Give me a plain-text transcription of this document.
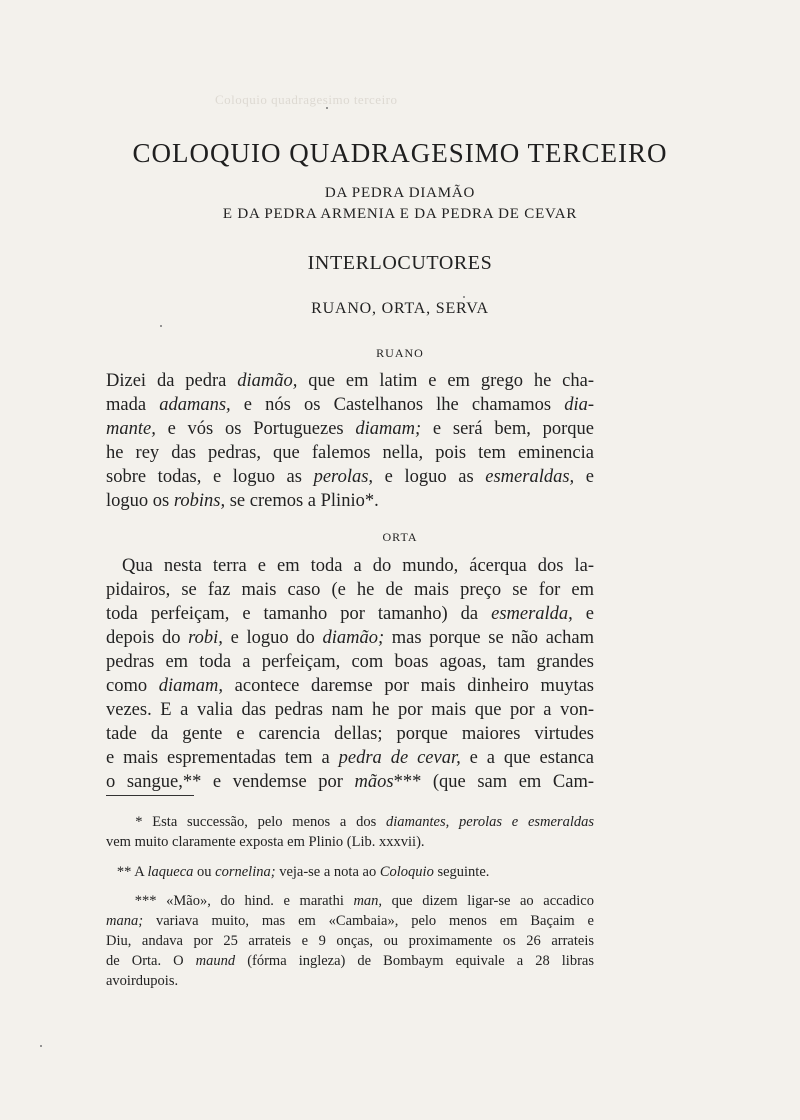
Coloquio quadragesimo terceiro
COLOQUIO QUADRAGESIMO TERCEIRO
DA PEDRA DIAMÃO
E DA PEDRA ARMENIA E DA PEDRA DE CEVAR
INTERLOCUTORES
RUANO, ORTA, SERVA
RUANO
Dizei da pedra diamão, que em latim e em grego he cha-
mada adamans, e nós os Castelhanos lhe chamamos dia-
mante, e vós os Portuguezes diamam; e será bem, porque
he rey das pedras, que falemos nella, pois tem eminencia
sobre todas, e loguo as perolas, e loguo as esmeraldas, e
loguo os robins, se cremos a Plinio*.
ORTA
Qua nesta terra e em toda a do mundo, ácerqua dos la-
pidairos, se faz mais caso (e he de mais preço se for em
toda perfeiçam, e tamanho por tamanho) da esmeralda, e
depois do robi, e loguo do diamão; mas porque se não acham
pedras em toda a perfeiçam, com boas agoas, tam grandes
como diamam, acontece daremse por mais dinheiro muytas
vezes. E a valia das pedras nam he por mais que por a von-
tade da gente e carencia dellas; porque maiores virtudes
e mais esprementadas tem a pedra de cevar, e a que estanca
o sangue,** e vendemse por mãos*** (que sam em Cam-
* Esta successão, pelo menos a dos diamantes, perolas e esmeraldas
vem muito claramente exposta em Plinio (Lib. xxxvii).
** A laqueca ou cornelina; veja-se a nota ao Coloquio seguinte.
*** «Mão», do hind. e marathi man, que dizem ligar-se ao accadico
mana; variava muito, mas em «Cambaia», pelo menos em Baçaim e
Diu, andava por 25 arrateis e 9 onças, ou proximamente os 26 arrateis
de Orta. O maund (fórma ingleza) de Bombaym equivale a 28 libras
avoirdupois.
